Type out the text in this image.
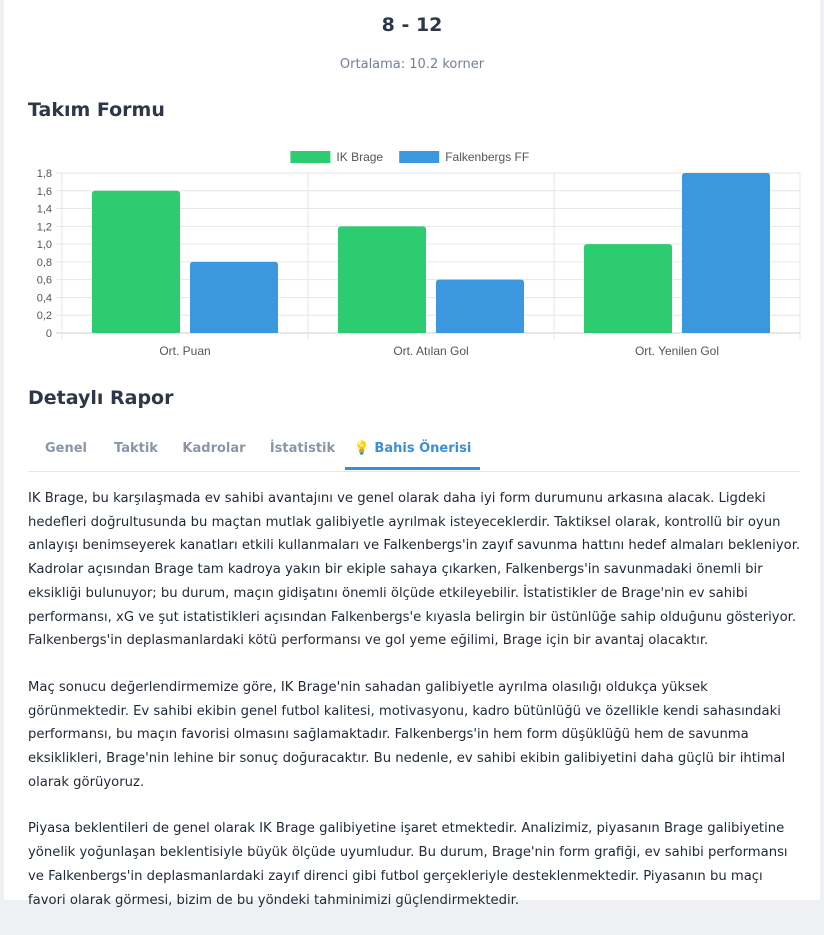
8 - 12
Ortalama: 10.2 korner
Takım Formu
0
0,2
0,4
0,6
0,8
1,0
1,2
1,4
1,6
1,8
Ort. Puan	Ort. Atılan Gol	Ort. Yenilen Gol
IK Brage	Falkenbergs FF
Detaylı Rapor
Genel	Taktik	Kadrolar	İstatistik	💡 Bahis Önerisi

IK Brage, bu karşılaşmada ev sahibi avantajını ve genel olarak daha iyi form durumunu arkasına alacak. Ligdeki hedefleri doğrultusunda bu maçtan mutlak galibiyetle ayrılmak isteyeceklerdir. Taktiksel olarak, kontrollü bir oyun anlayışı benimseyerek kanatları etkili kullanmaları ve Falkenbergs'in zayıf savunma hattını hedef almaları bekleniyor. Kadrolar açısından Brage tam kadroya yakın bir ekiple sahaya çıkarken, Falkenbergs'in savunmadaki önemli bir eksikliği bulunuyor; bu durum, maçın gidişatını önemli ölçüde etkileyebilir. İstatistikler de Brage'nin ev sahibi performansı, xG ve şut istatistikleri açısından Falkenbergs'e kıyasla belirgin bir üstünlüğe sahip olduğunu gösteriyor. Falkenbergs'in deplasmanlardaki kötü performansı ve gol yeme eğilimi, Brage için bir avantaj olacaktır.

Maç sonucu değerlendirmemize göre, IK Brage'nin sahadan galibiyetle ayrılma olasılığı oldukça yüksek görünmektedir. Ev sahibi ekibin genel futbol kalitesi, motivasyonu, kadro bütünlüğü ve özellikle kendi sahasındaki performansı, bu maçın favorisi olmasını sağlamaktadır. Falkenbergs'in hem form düşüklüğü hem de savunma eksiklikleri, Brage'nin lehine bir sonuç doğuracaktır. Bu nedenle, ev sahibi ekibin galibiyetini daha güçlü bir ihtimal olarak görüyoruz.

Piyasa beklentileri de genel olarak IK Brage galibiyetine işaret etmektedir. Analizimiz, piyasanın Brage galibiyetine yönelik yoğunlaşan beklentisiyle büyük ölçüde uyumludur. Bu durum, Brage'nin form grafiği, ev sahibi performansı ve Falkenbergs'in deplasmanlardaki zayıf direnci gibi futbol gerçekleriyle desteklenmektedir. Piyasanın bu maçı favori olarak görmesi, bizim de bu yöndeki tahminimizi güçlendirmektedir.
